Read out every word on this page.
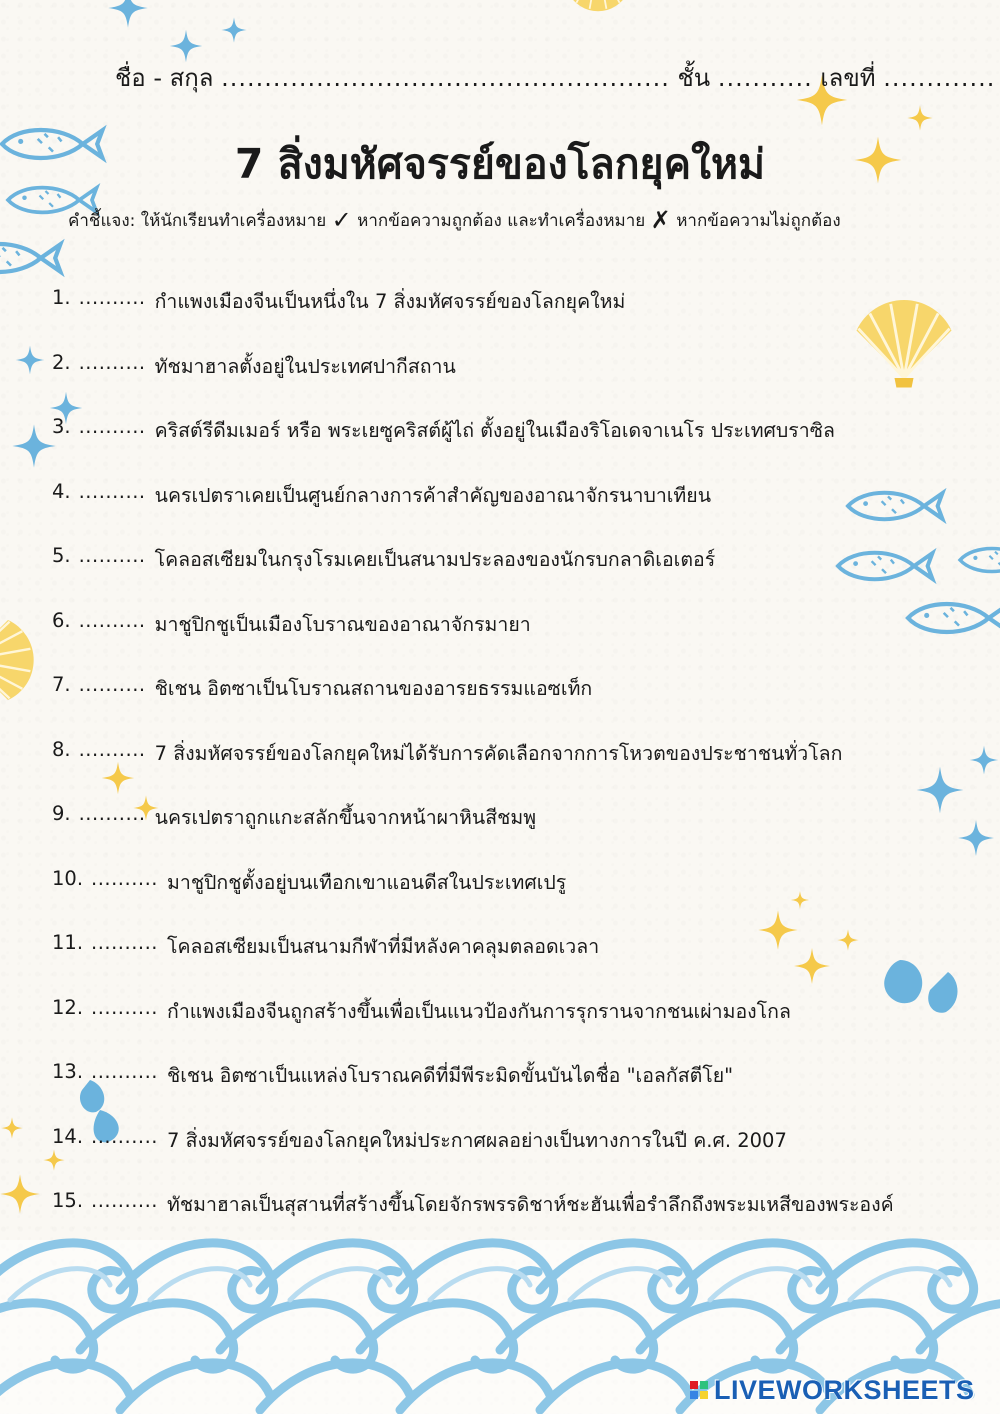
ชื่อ - สกุล .................................................... ชั้น ........... เลขที่ .............
7 สิ่งมหัศจรรย์ของโลกยุคใหม่
คำชี้แจง: ให้นักเรียนทำเครื่องหมาย ✓ หากข้อความถูกต้อง และทำเครื่องหมาย ✗ หากข้อความไม่ถูกต้อง
1. .......... กำแพงเมืองจีนเป็นหนึ่งใน 7 สิ่งมหัศจรรย์ของโลกยุคใหม่
2. .......... ทัชมาฮาลตั้งอยู่ในประเทศปากีสถาน
3. .......... คริสต์รีดีมเมอร์ หรือ พระเยซูคริสต์ผู้ไถ่ ตั้งอยู่ในเมืองริโอเดจาเนโร ประเทศบราซิล
4. .......... นครเปตราเคยเป็นศูนย์กลางการค้าสำคัญของอาณาจักรนาบาเทียน
5. .......... โคลอสเซียมในกรุงโรมเคยเป็นสนามประลองของนักรบกลาดิเอเตอร์
6. .......... มาชูปิกชูเป็นเมืองโบราณของอาณาจักรมายา
7. .......... ชิเชน อิตซาเป็นโบราณสถานของอารยธรรมแอซเท็ก
8. .......... 7 สิ่งมหัศจรรย์ของโลกยุคใหม่ได้รับการคัดเลือกจากการโหวตของประชาชนทั่วโลก
9. .......... นครเปตราถูกแกะสลักขึ้นจากหน้าผาหินสีชมพู
10. .......... มาชูปิกชูตั้งอยู่บนเทือกเขาแอนดีสในประเทศเปรู
11. .......... โคลอสเซียมเป็นสนามกีฬาที่มีหลังคาคลุมตลอดเวลา
12. .......... กำแพงเมืองจีนถูกสร้างขึ้นเพื่อเป็นแนวป้องกันการรุกรานจากชนเผ่ามองโกล
13. .......... ชิเชน อิตซาเป็นแหล่งโบราณคดีที่มีพีระมิดขั้นบันไดชื่อ "เอลกัสตีโย"
14. .......... 7 สิ่งมหัศจรรย์ของโลกยุคใหม่ประกาศผลอย่างเป็นทางการในปี ค.ศ. 2007
15. .......... ทัชมาฮาลเป็นสุสานที่สร้างขึ้นโดยจักรพรรดิชาห์ชะฮันเพื่อรำลึกถึงพระมเหสีของพระองค์
LIVEWORKSHEETS
